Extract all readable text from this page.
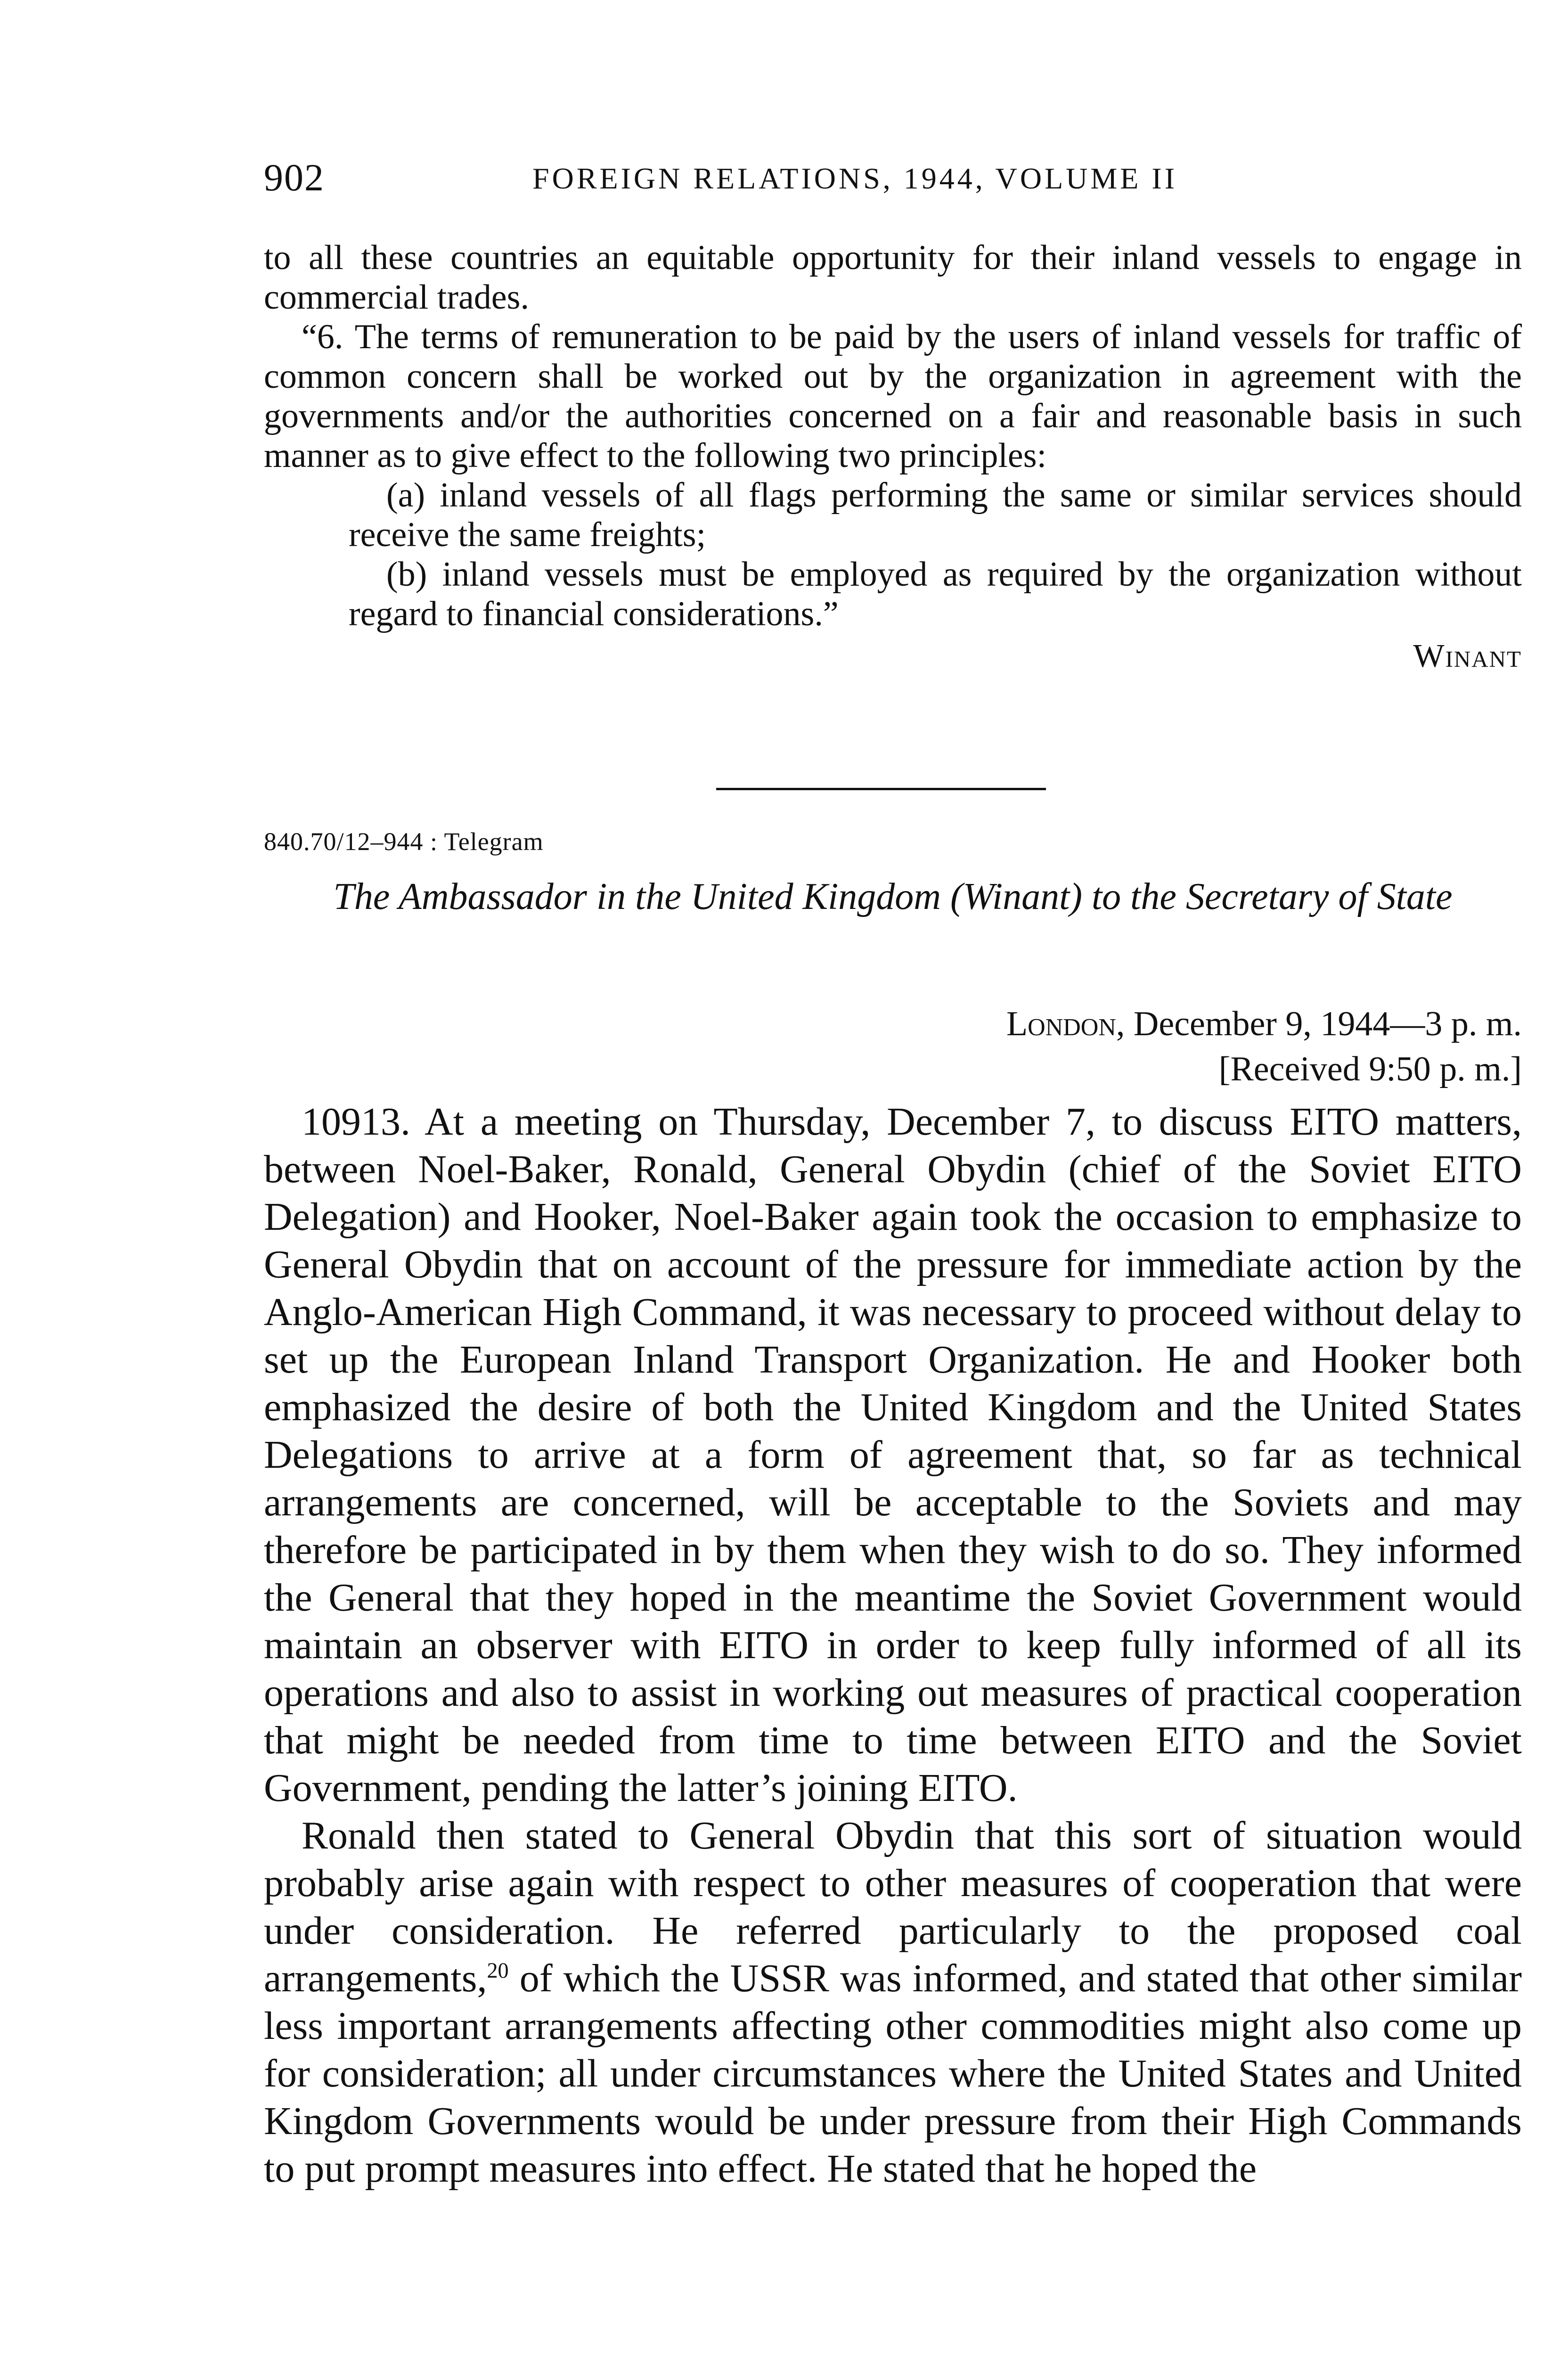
902	FOREIGN RELATIONS, 1944, VOLUME II

to all these countries an equitable opportunity for their inland vessels to engage in commercial trades.

“6. The terms of remuneration to be paid by the users of inland vessels for traffic of common concern shall be worked out by the organization in agreement with the governments and/or the authorities concerned on a fair and reasonable basis in such manner as to give effect to the following two principles:

(a) inland vessels of all flags performing the same or similar services should receive the same freights;

(b) inland vessels must be employed as required by the organization without regard to financial considerations.”

Winant

840.70/12–944 : Telegram
The Ambassador in the United Kingdom (Winant) to the Secretary of State
London, December 9, 1944—3 p. m.
[Received 9:50 p. m.]

10913. At a meeting on Thursday, December 7, to discuss EITO matters, between Noel-Baker, Ronald, General Obydin (chief of the Soviet EITO Delegation) and Hooker, Noel-Baker again took the occasion to emphasize to General Obydin that on account of the pressure for immediate action by the Anglo-American High Command, it was necessary to proceed without delay to set up the European Inland Transport Organization. He and Hooker both emphasized the desire of both the United Kingdom and the United States Delegations to arrive at a form of agreement that, so far as technical arrangements are concerned, will be acceptable to the Soviets and may therefore be participated in by them when they wish to do so. They informed the General that they hoped in the meantime the Soviet Government would maintain an observer with EITO in order to keep fully informed of all its operations and also to assist in working out measures of practical cooperation that might be needed from time to time between EITO and the Soviet Government, pending the latter’s joining EITO.

Ronald then stated to General Obydin that this sort of situation would probably arise again with respect to other measures of cooperation that were under consideration. He referred particularly to the proposed coal arrangements,$^{20}$ of which the USSR was informed, and stated that other similar less important arrangements affecting other commodities might also come up for consideration; all under circumstances where the United States and United Kingdom Governments would be under pressure from their High Commands to put prompt measures into effect. He stated that he hoped the
